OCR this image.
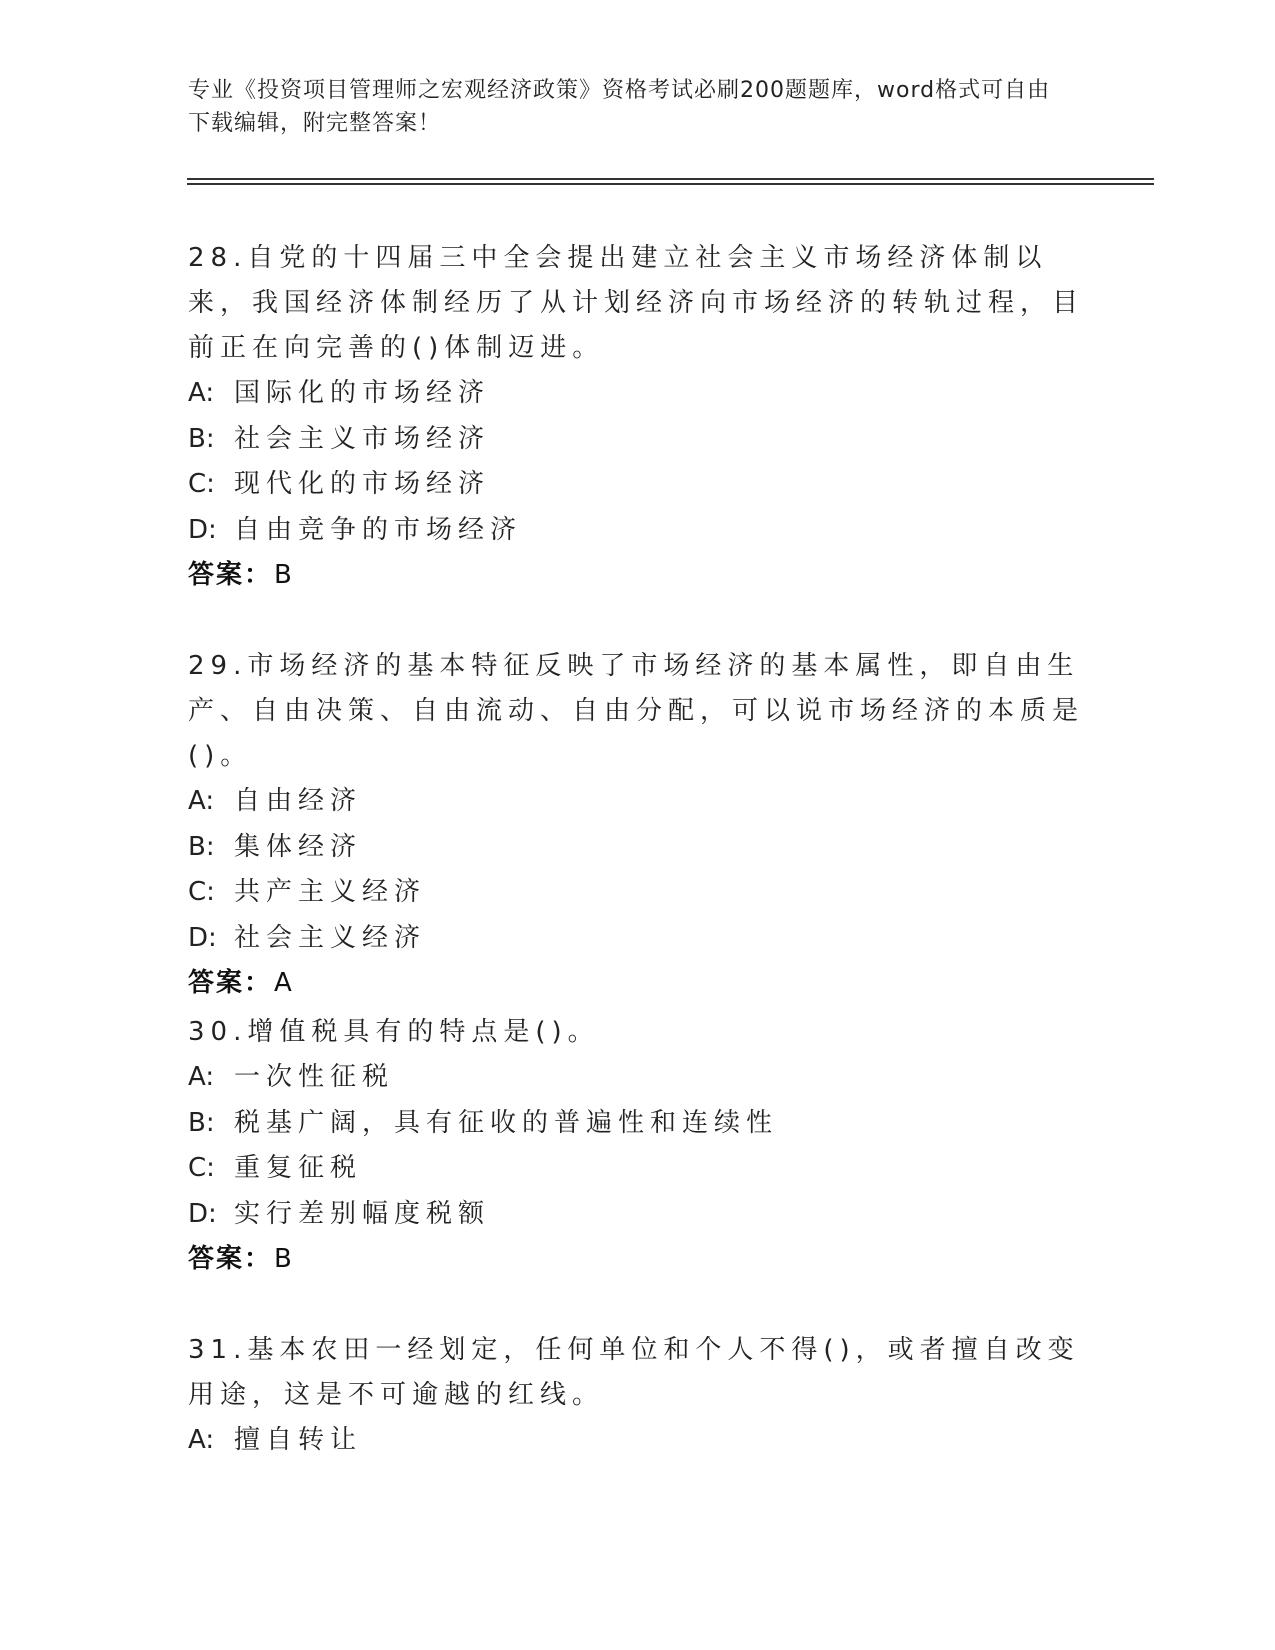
专业《投资项目管理师之宏观经济政策》资格考试必刷200题题库，word格式可自由下载编辑，附完整答案！
28.自党的十四届三中全会提出建立社会主义市场经济体制以来，我国经济体制经历了从计划经济向市场经济的转轨过程，目前正在向完善的()体制迈进。
A: 国际化的市场经济
B: 社会主义市场经济
C: 现代化的市场经济
D: 自由竞争的市场经济
答案：B
29.市场经济的基本特征反映了市场经济的基本属性，即自由生产、自由决策、自由流动、自由分配，可以说市场经济的本质是()。
A: 自由经济
B: 集体经济
C: 共产主义经济
D: 社会主义经济
答案：A
30.增值税具有的特点是()。
A: 一次性征税
B: 税基广阔，具有征收的普遍性和连续性
C: 重复征税
D: 实行差别幅度税额
答案：B
31.基本农田一经划定，任何单位和个人不得()，或者擅自改变用途，这是不可逾越的红线。
A: 擅自转让
